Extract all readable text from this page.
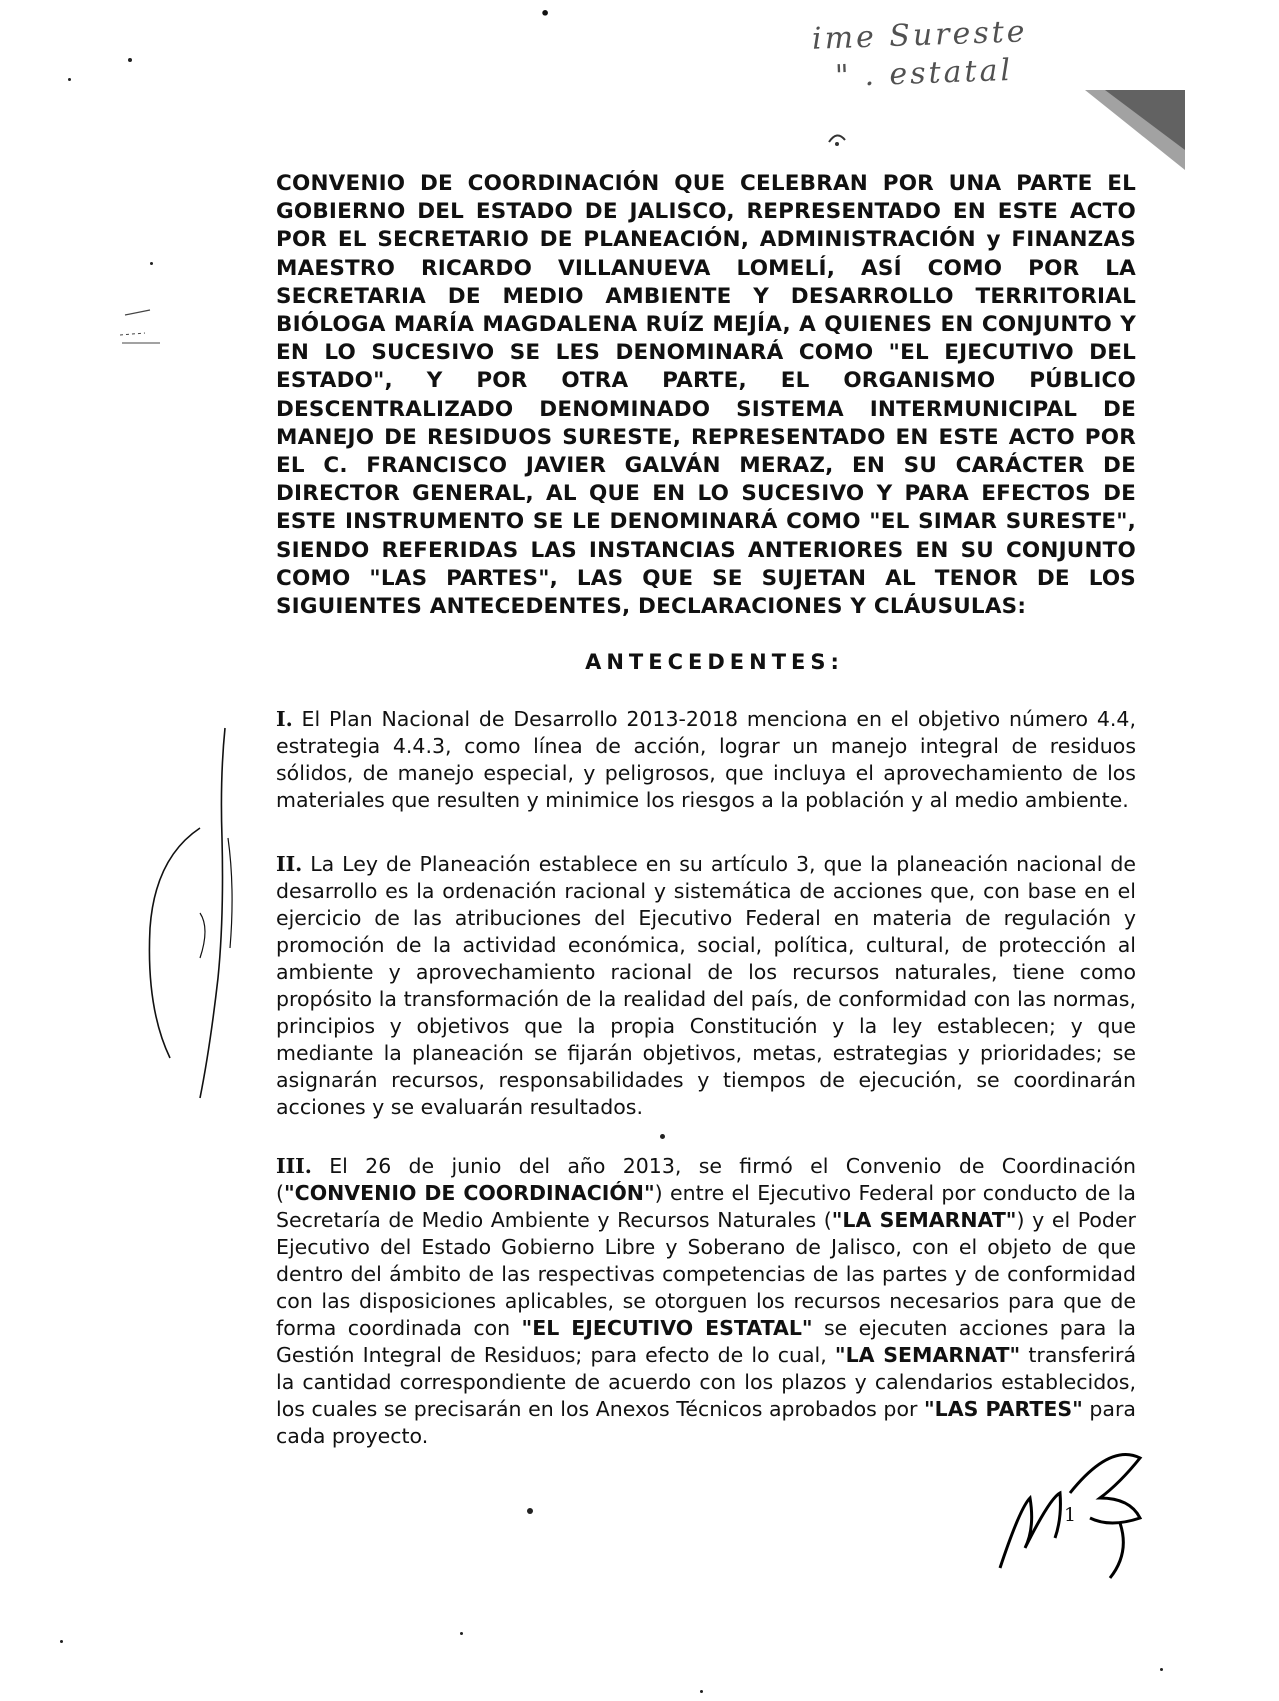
•
ime Sureste
" . estatal
CONVENIO DE COORDINACIÓN QUE CELEBRAN POR UNA PARTE EL GOBIERNO DEL ESTADO DE JALISCO, REPRESENTADO EN ESTE ACTO POR EL SECRETARIO DE PLANEACIÓN, ADMINISTRACIÓN y FINANZAS MAESTRO RICARDO VILLANUEVA LOMELÍ, ASÍ COMO POR LA SECRETARIA DE MEDIO AMBIENTE Y DESARROLLO TERRITORIAL BIÓLOGA MARÍA MAGDALENA RUÍZ MEJÍA, A QUIENES EN CONJUNTO Y EN LO SUCESIVO SE LES DENOMINARÁ COMO "EL EJECUTIVO DEL ESTADO", Y POR OTRA PARTE, EL ORGANISMO PÚBLICO DESCENTRALIZADO DENOMINADO SISTEMA INTERMUNICIPAL DE MANEJO DE RESIDUOS SURESTE, REPRESENTADO EN ESTE ACTO POR EL C. FRANCISCO JAVIER GALVÁN MERAZ, EN SU CARÁCTER DE DIRECTOR GENERAL, AL QUE EN LO SUCESIVO Y PARA EFECTOS DE ESTE INSTRUMENTO SE LE DENOMINARÁ COMO "EL SIMAR SURESTE", SIENDO REFERIDAS LAS INSTANCIAS ANTERIORES EN SU CONJUNTO COMO "LAS PARTES", LAS QUE SE SUJETAN AL TENOR DE LOS SIGUIENTES ANTECEDENTES, DECLARACIONES Y CLÁUSULAS:
ANTECEDENTES:
I. El Plan Nacional de Desarrollo 2013-2018 menciona en el objetivo número 4.4, estrategia 4.4.3, como línea de acción, lograr un manejo integral de residuos sólidos, de manejo especial, y peligrosos, que incluya el aprovechamiento de los materiales que resulten y minimice los riesgos a la población y al medio ambiente.
II. La Ley de Planeación establece en su artículo 3, que la planeación nacional de desarrollo es la ordenación racional y sistemática de acciones que, con base en el ejercicio de las atribuciones del Ejecutivo Federal en materia de regulación y promoción de la actividad económica, social, política, cultural, de protección al ambiente y aprovechamiento racional de los recursos naturales, tiene como propósito la transformación de la realidad del país, de conformidad con las normas, principios y objetivos que la propia Constitución y la ley establecen; y que mediante la planeación se fijarán objetivos, metas, estrategias y prioridades; se asignarán recursos, responsabilidades y tiempos de ejecución, se coordinarán acciones y se evaluarán resultados.
III. El 26 de junio del año 2013, se firmó el Convenio de Coordinación ("CONVENIO DE COORDINACIÓN") entre el Ejecutivo Federal por conducto de la Secretaría de Medio Ambiente y Recursos Naturales ("LA SEMARNAT") y el Poder Ejecutivo del Estado Gobierno Libre y Soberano de Jalisco, con el objeto de que dentro del ámbito de las respectivas competencias de las partes y de conformidad con las disposiciones aplicables, se otorguen los recursos necesarios para que de forma coordinada con "EL EJECUTIVO ESTATAL" se ejecuten acciones para la Gestión Integral de Residuos; para efecto de lo cual, "LA SEMARNAT" transferirá la cantidad correspondiente de acuerdo con los plazos y calendarios establecidos, los cuales se precisarán en los Anexos Técnicos aprobados por "LAS PARTES" para cada proyecto.
1
